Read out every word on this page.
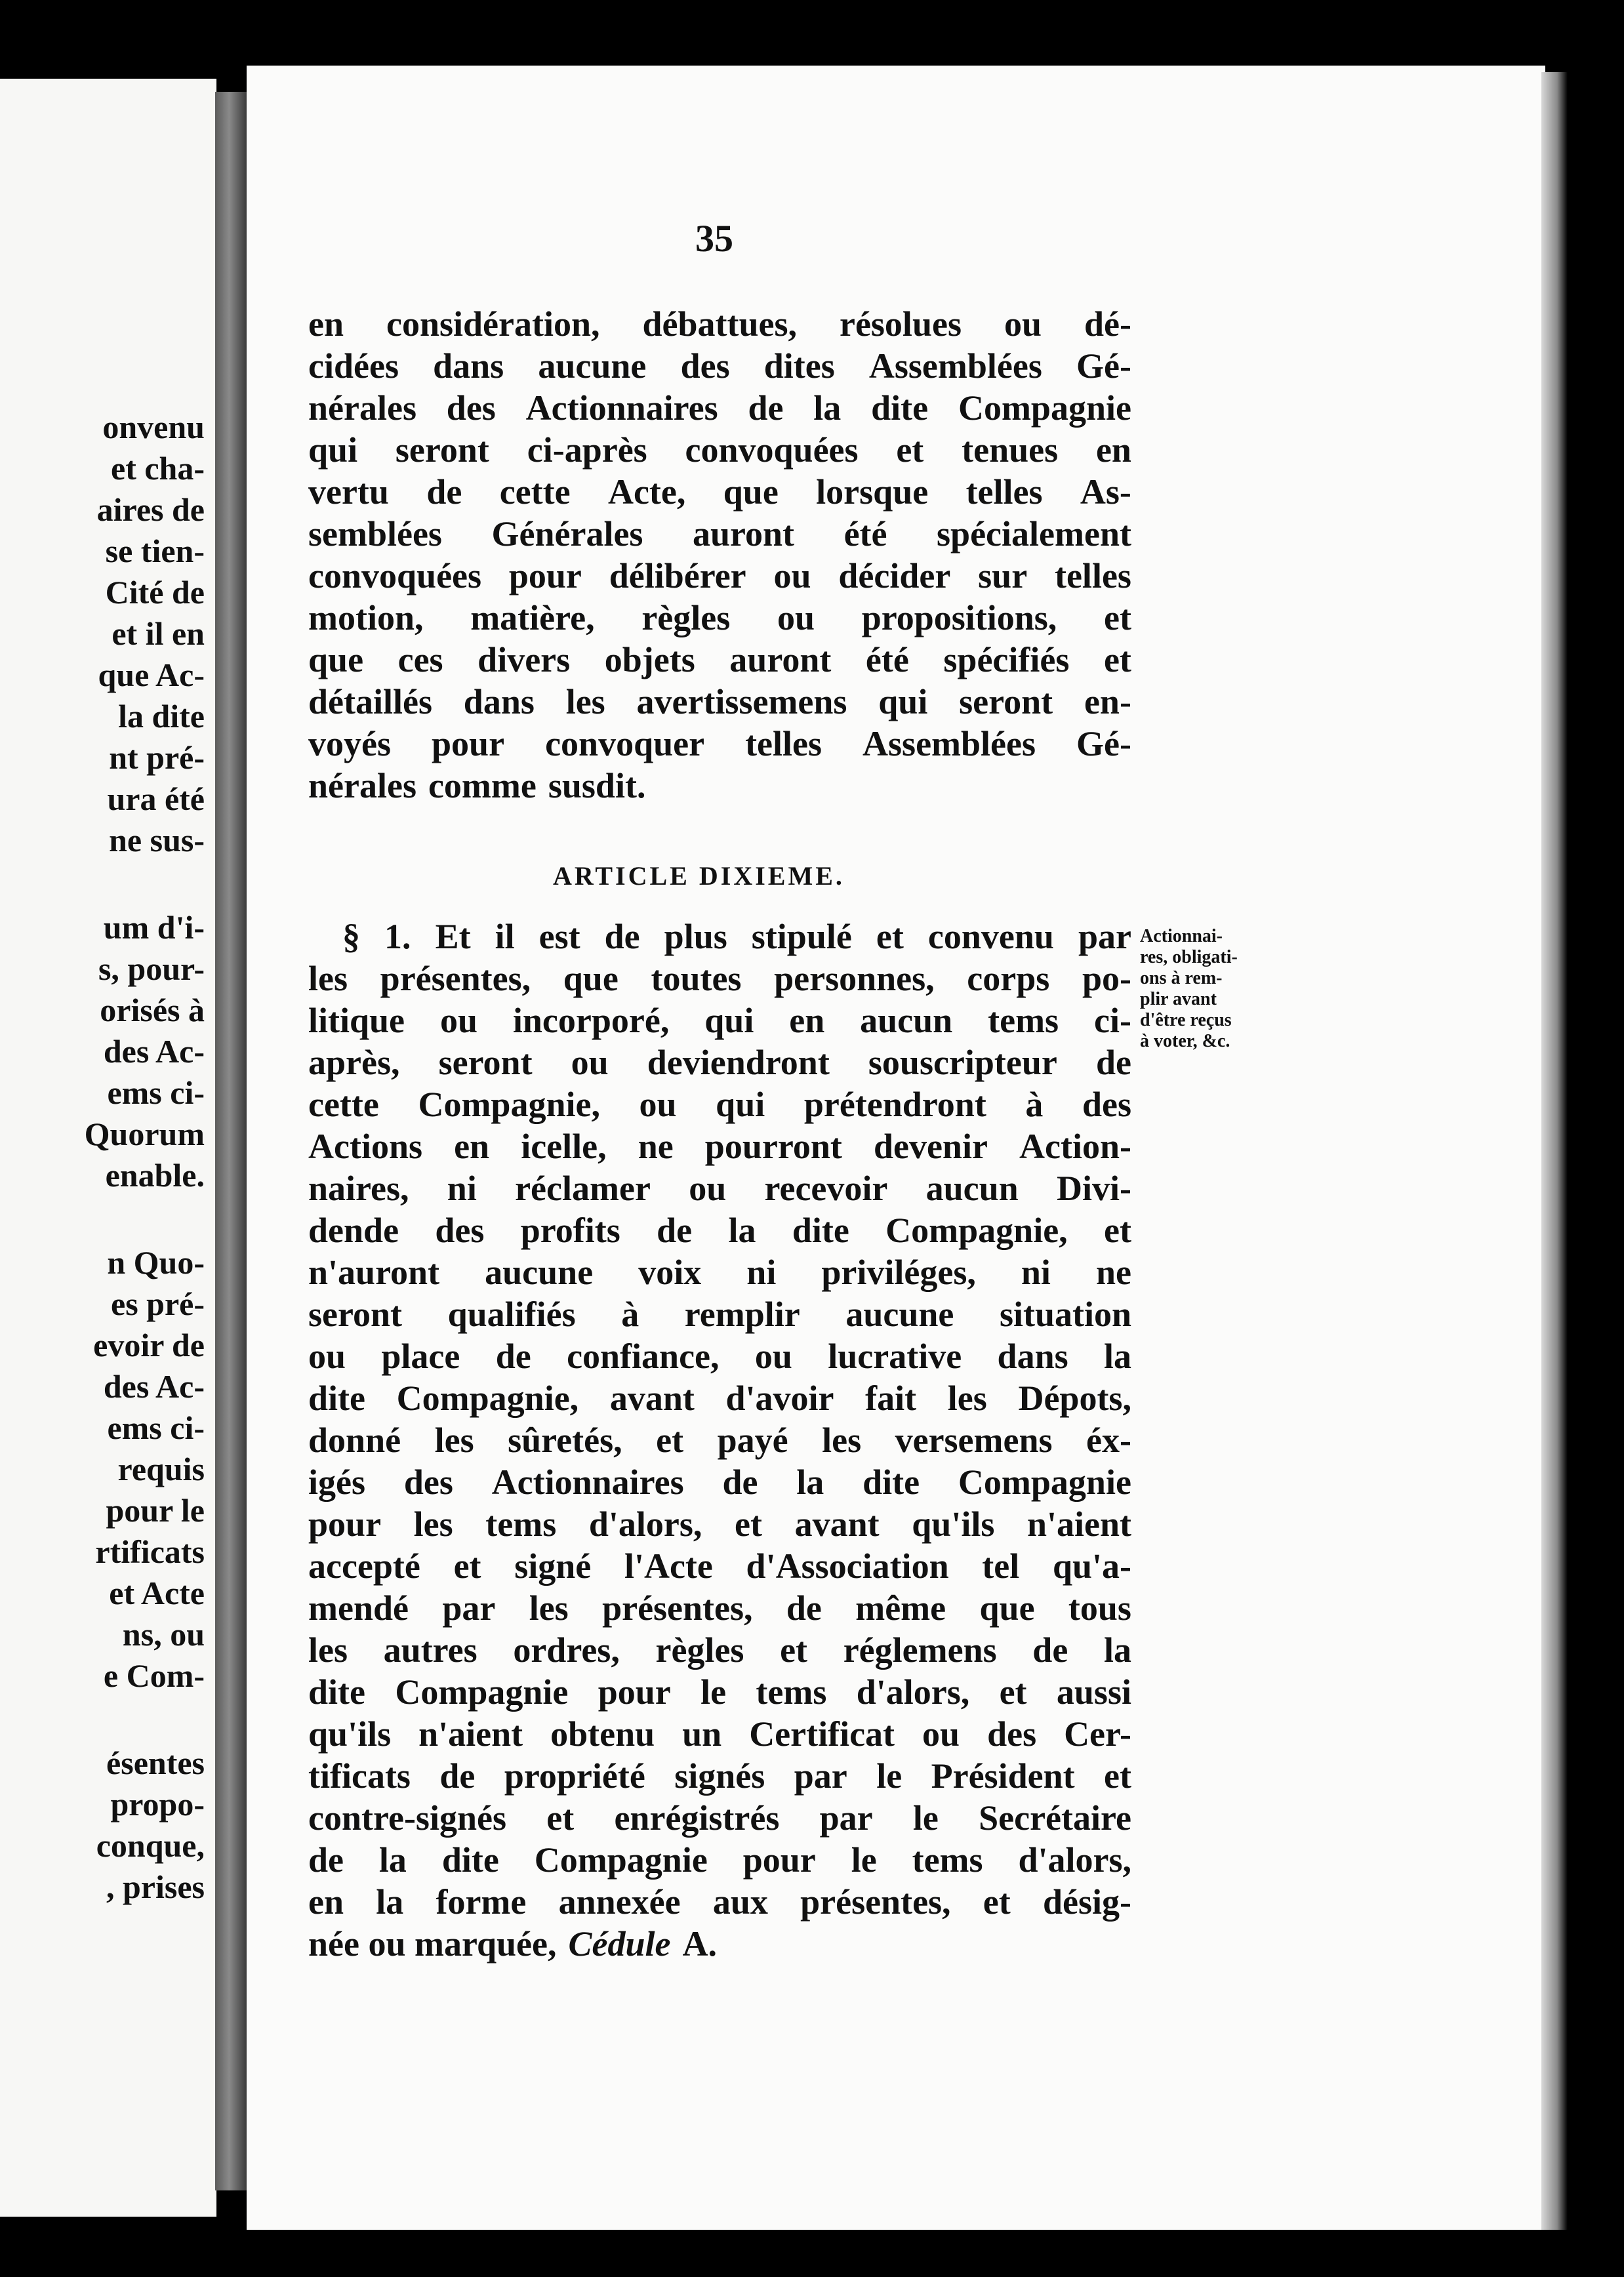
onvenu
et cha-
aires de
se tien-
Cité de
et il en
que Ac-
la dite
nt pré-
ura été
ne sus-
um d'i-
s, pour-
orisés à
des Ac-
ems ci-
Quorum
enable.
n Quo-
es pré-
evoir de
des Ac-
ems ci-
requis
pour le
rtificats
et Acte
ns, ou
e Com-
ésentes
propo-
conque,
, prises
35
en considération, débattues, résolues ou dé-
cidées dans aucune des dites Assemblées Gé-
nérales des Actionnaires de la dite Compagnie
qui seront ci-après convoquées et tenues en
vertu de cette Acte, que lorsque telles As-
semblées Générales auront été spécialement
convoquées pour délibérer ou décider sur telles
motion, matière, règles ou propositions, et
que ces divers objets auront été spécifiés et
détaillés dans les avertissemens qui seront en-
voyés pour convoquer telles Assemblées Gé-
nérales comme susdit.
ARTICLE DIXIEME.
§ 1. Et il est de plus stipulé et convenu par
les présentes, que toutes personnes, corps po-
litique ou incorporé, qui en aucun tems ci-
après, seront ou deviendront souscripteur de
cette Compagnie, ou qui prétendront à des
Actions en icelle, ne pourront devenir Action-
naires, ni réclamer ou recevoir aucun Divi-
dende des profits de la dite Compagnie, et
n'auront aucune voix ni priviléges, ni ne
seront qualifiés à remplir aucune situation
ou place de confiance, ou lucrative dans la
dite Compagnie, avant d'avoir fait les Dépots,
donné les sûretés, et payé les versemens éx-
igés des Actionnaires de la dite Compagnie
pour les tems d'alors, et avant qu'ils n'aient
accepté et signé l'Acte d'Association tel qu'a-
mendé par les présentes, de même que tous
les autres ordres, règles et réglemens de la
dite Compagnie pour le tems d'alors, et aussi
qu'ils n'aient obtenu un Certificat ou des Cer-
tificats de propriété signés par le Président et
contre-signés et enrégistrés par le Secrétaire
de la dite Compagnie pour le tems d'alors,
en la forme annexée aux présentes, et désig-
née ou marquée, Cédule A.
Actionnai-
res, obligati-
ons à rem-
plir avant
d'être reçus
à voter, &c.
